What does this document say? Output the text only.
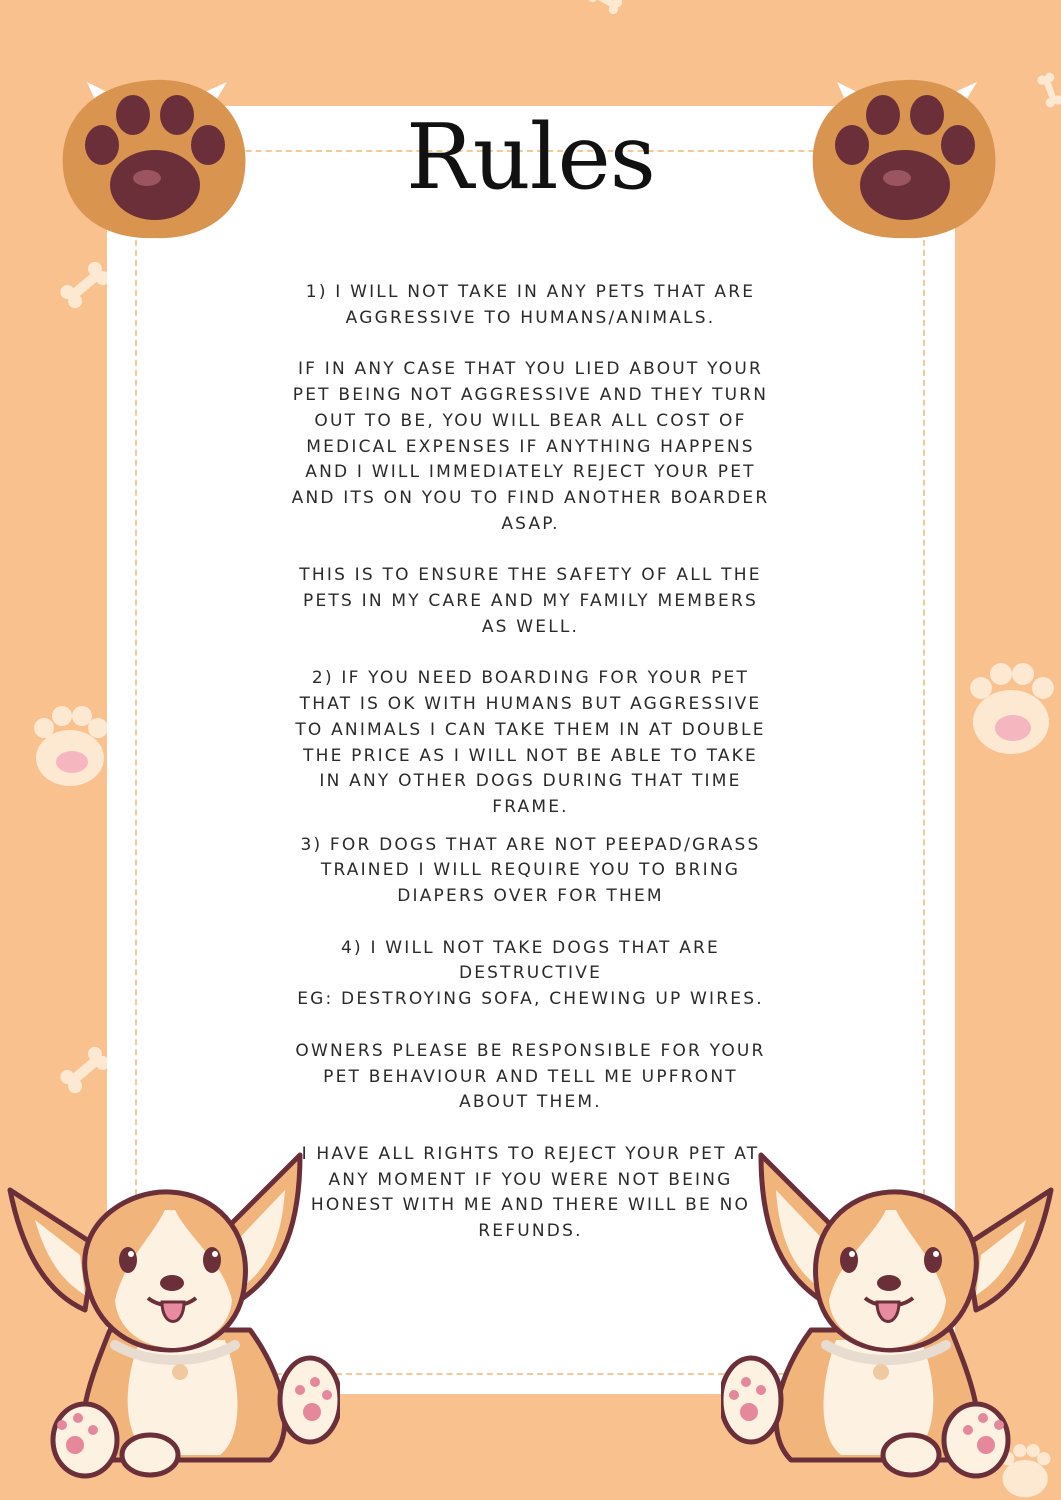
Rules

1) I WILL NOT TAKE IN ANY PETS THAT ARE AGGRESSIVE TO HUMANS/ANIMALS.

IF IN ANY CASE THAT YOU LIED ABOUT YOUR PET BEING NOT AGGRESSIVE AND THEY TURN OUT TO BE, YOU WILL BEAR ALL COST OF MEDICAL EXPENSES IF ANYTHING HAPPENS AND I WILL IMMEDIATELY REJECT YOUR PET AND ITS ON YOU TO FIND ANOTHER BOARDER ASAP.

THIS IS TO ENSURE THE SAFETY OF ALL THE PETS IN MY CARE AND MY FAMILY MEMBERS AS WELL.

2) IF YOU NEED BOARDING FOR YOUR PET THAT IS OK WITH HUMANS BUT AGGRESSIVE TO ANIMALS I CAN TAKE THEM IN AT DOUBLE THE PRICE AS I WILL NOT BE ABLE TO TAKE IN ANY OTHER DOGS DURING THAT TIME FRAME.

3) FOR DOGS THAT ARE NOT PEEPAD/GRASS TRAINED I WILL REQUIRE YOU TO BRING DIAPERS OVER FOR THEM

4) I WILL NOT TAKE DOGS THAT ARE DESTRUCTIVE

EG: DESTROYING SOFA, CHEWING UP WIRES.

OWNERS PLEASE BE RESPONSIBLE FOR YOUR PET BEHAVIOUR AND TELL ME UPFRONT ABOUT THEM.

I HAVE ALL RIGHTS TO REJECT YOUR PET AT ANY MOMENT IF YOU WERE NOT BEING HONEST WITH ME AND THERE WILL BE NO REFUNDS.
